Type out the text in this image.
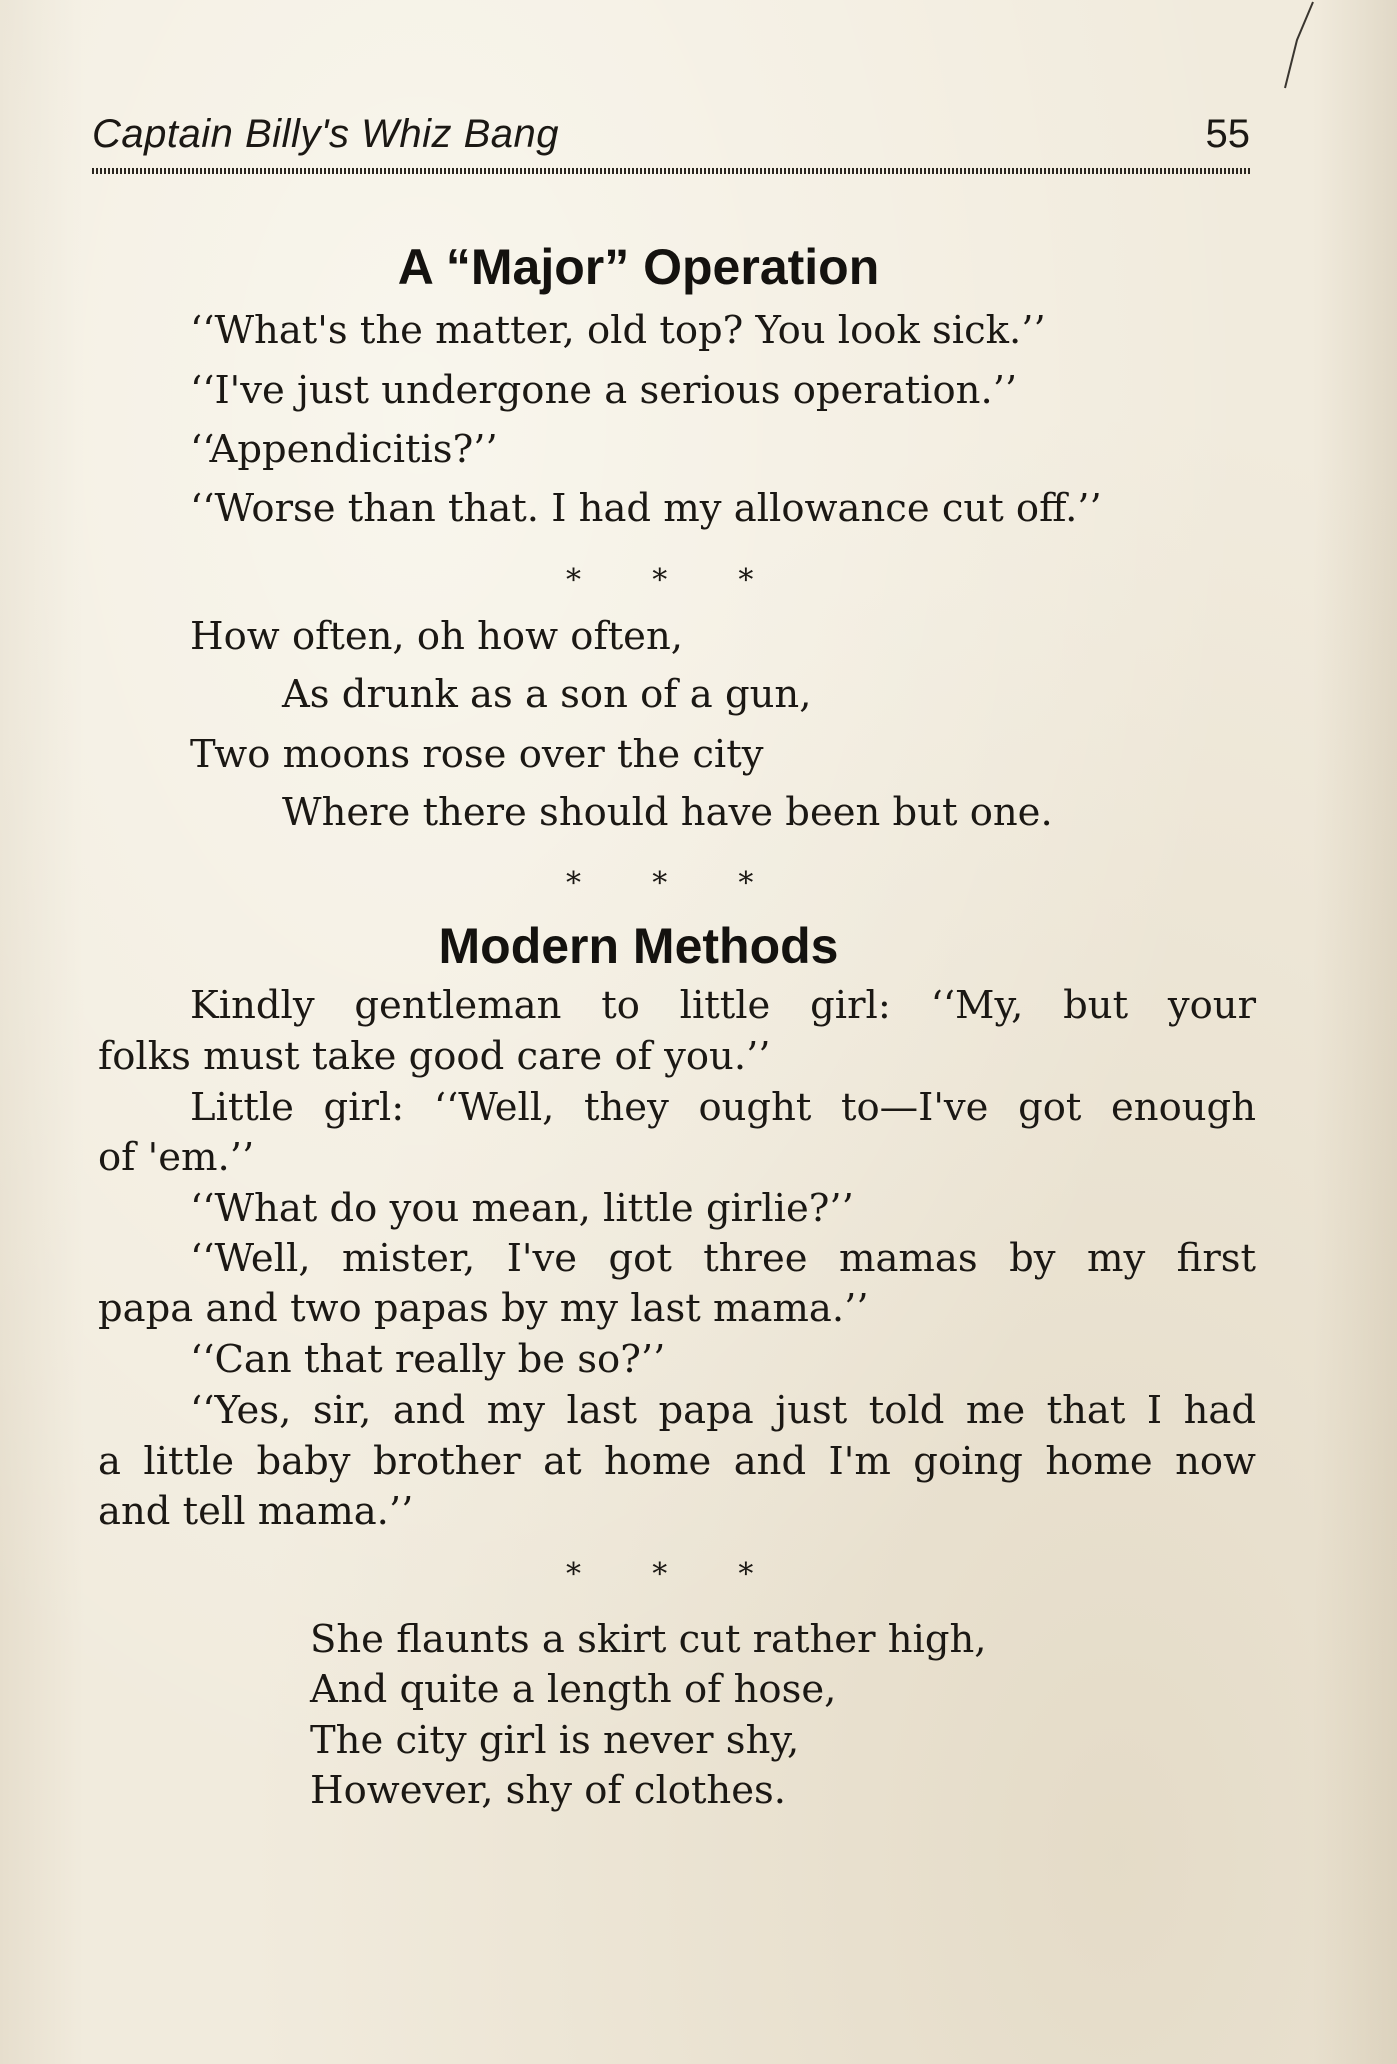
Captain Billy's Whiz Bang	55
A “Major” Operation
‘‘What's the matter, old top? You look sick.’’
‘‘I've just undergone a serious operation.’’
‘‘Appendicitis?’’
‘‘Worse than that. I had my allowance cut off.’’
*      *      *
How often, oh how often,
As drunk as a son of a gun,
Two moons rose over the city
Where there should have been but one.
*      *      *
Modern Methods
Kindly gentleman to little girl: ‘‘My, but your
folks must take good care of you.’’
Little girl: ‘‘Well, they ought to—I've got enough
of 'em.’’
‘‘What do you mean, little girlie?’’
‘‘Well, mister, I've got three mamas by my first
papa and two papas by my last mama.’’
‘‘Can that really be so?’’
‘‘Yes, sir, and my last papa just told me that I had
a little baby brother at home and I'm going home now
and tell mama.’’
*      *      *
She flaunts a skirt cut rather high,
And quite a length of hose,
The city girl is never shy,
However, shy of clothes.
